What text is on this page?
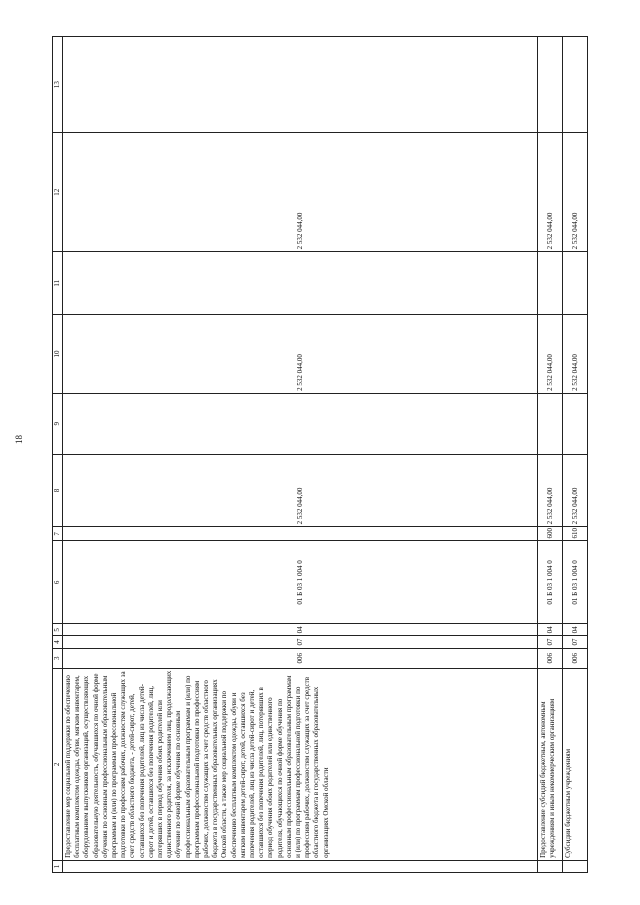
18
1	2	3	4	5	6	7	8	9	10	11	12	13
	Предоставление мер социальной поддержки по обеспечению бесплатным комплектом одежды, обуви, мягким инвентарем, оборудованием выпускников организаций, осуществляющих образовательную деятельность, обучавшихся по очной форме обучения по основным профессиональным образовательным программам и (или) по программам профессиональной подготовки по профессиям рабочих, должностям служащих за счет средств областного бюджета, - детей-сирот, детей, оставшихся без попечения родителей, лиц из числа детей-сирот и детей, оставшихся без попечения родителей, лиц, потерявших в период обучения обоих родителей или единственного родителя, за исключением лиц, продолжающих обучение по очной форме обучения по основным профессиональным образовательным программам и (или) по программам профессиональной подготовки по профессиям рабочих, должностям служащих за счет средств областного бюджета в государственных образовательных организациях Омской области, а также мер социальной поддержки по обеспечению бесплатным комплектом одежды, обуви и мягким инвентарем детей-сирот, детей, оставшихся без попечения родителей, лиц из числа детей-сирот и детей, оставшихся без попечения родителей, лиц, потерявших в период обучения обоих родителей или единственного родителя, обучающихся по очной форме обучения по основным профессиональным образовательным программам и (или) по программам профессиональной подготовки по профессиям рабочих, должностям служащих за счет средств областного бюджета в государственных образовательных организациях Омской области	006	07	04	01 Б 03 1 004 0		2 532 044,00		2 532 044,00		2 532 044,00	
	Предоставление субсидий бюджетным, автономным учреждениям и иным некоммерческим организациям	006	07	04	01 Б 03 1 004 0	600	2 532 044,00		2 532 044,00		2 532 044,00	
	Субсидии бюджетным учреждениям	006	07	04	01 Б 03 1 004 0	610	2 532 044,00		2 532 044,00		2 532 044,00	
